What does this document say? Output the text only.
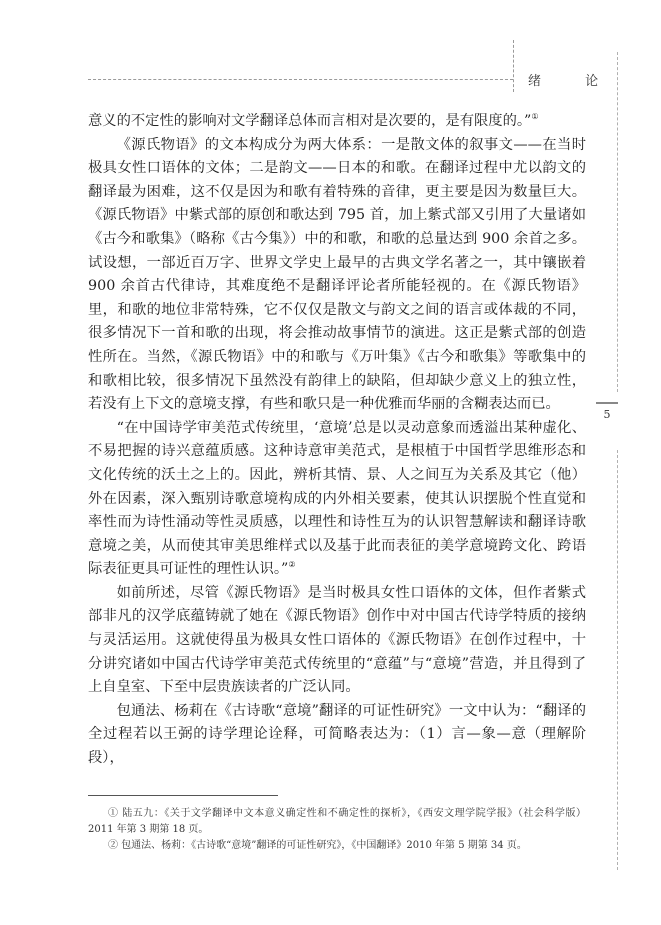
绪 论
5

意义的不定性的影响对文学翻译总体而言相对是次要的，是有限度的。”①

《源氏物语》的文本构成分为两大体系：一是散文体的叙事文——在当时极具女性口语体的文体；二是韵文——日本的和歌。在翻译过程中尤以韵文的翻译最为困难，这不仅是因为和歌有着特殊的音律，更主要是因为数量巨大。《源氏物语》中紫式部的原创和歌达到 795 首，加上紫式部又引用了大量诸如《古今和歌集》（略称《古今集》）中的和歌，和歌的总量达到 900 余首之多。试设想，一部近百万字、世界文学史上最早的古典文学名著之一，其中镶嵌着 900 余首古代律诗，其难度绝不是翻译评论者所能轻视的。在《源氏物语》里，和歌的地位非常特殊，它不仅仅是散文与韵文之间的语言或体裁的不同，很多情况下一首和歌的出现，将会推动故事情节的演进。这正是紫式部的创造性所在。当然，《源氏物语》中的和歌与《万叶集》《古今和歌集》等歌集中的和歌相比较，很多情况下虽然没有韵律上的缺陷，但却缺少意义上的独立性，若没有上下文的意境支撑，有些和歌只是一种优雅而华丽的含糊表达而已。

“在中国诗学审美范式传统里，‘意境’总是以灵动意象而透溢出某种虚化、不易把握的诗兴意蕴质感。这种诗意审美范式，是根植于中国哲学思维形态和文化传统的沃土之上的。因此，辨析其情、景、人之间互为关系及其它（他）外在因素，深入甄别诗歌意境构成的内外相关要素，使其认识摆脱个性直觉和率性而为诗性涌动等性灵质感，以理性和诗性互为的认识智慧解读和翻译诗歌意境之美，从而使其审美思维样式以及基于此而表征的美学意境跨文化、跨语际表征更具可证性的理性认识。”②

如前所述，尽管《源氏物语》是当时极具女性口语体的文体，但作者紫式部非凡的汉学底蕴铸就了她在《源氏物语》创作中对中国古代诗学特质的接纳与灵活运用。这就使得虽为极具女性口语体的《源氏物语》在创作过程中，十分讲究诸如中国古代诗学审美范式传统里的“意蕴”与“意境”营造，并且得到了上自皇室、下至中层贵族读者的广泛认同。

包通法、杨莉在《古诗歌“意境”翻译的可证性研究》一文中认为：“翻译的全过程若以王弼的诗学理论诠释，可简略表达为：（1）言—象—意（理解阶段），

① 陆五九：《关于文学翻译中文本意义确定性和不确定性的探析》，《西安文理学院学报》（社会科学版）2011 年第 3 期第 18 页。

② 包通法、杨莉：《古诗歌“意境”翻译的可证性研究》，《中国翻译》2010 年第 5 期第 34 页。
